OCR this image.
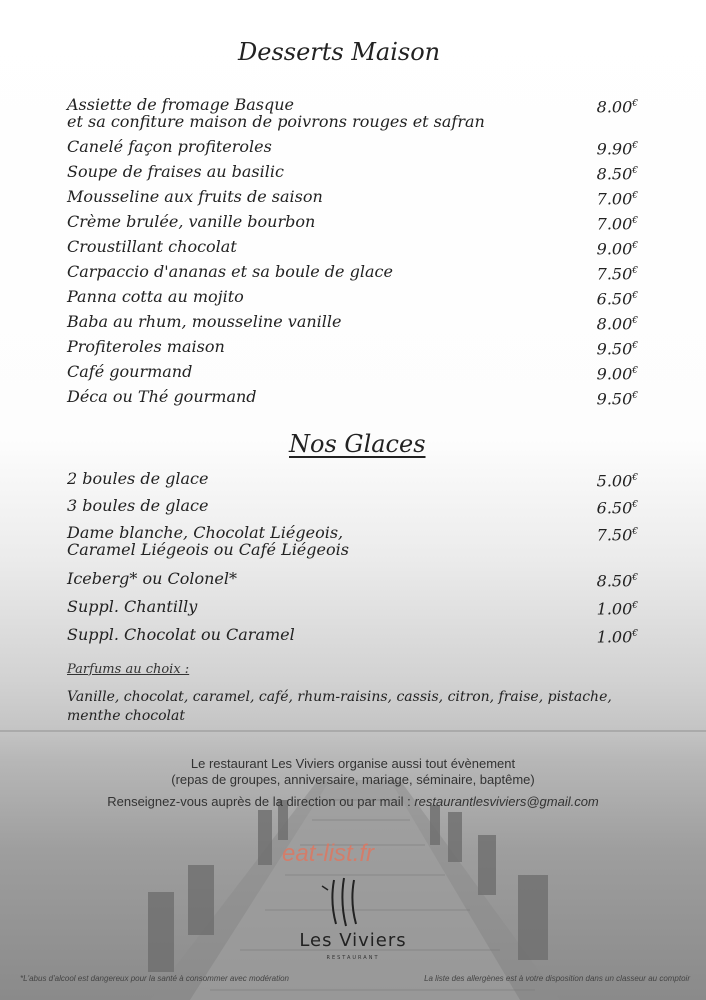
Desserts Maison
Assiette de fromage Basque
et sa confiture maison de poivrons rouges et safran
8.00€
Canelé façon profiteroles	9.90€
Soupe de fraises au basilic	8.50€
Mousseline aux fruits de saison	7.00€
Crème brulée, vanille bourbon	7.00€
Croustillant chocolat	9.00€
Carpaccio d'ananas et sa boule de glace	7.50€
Panna cotta au mojito	6.50€
Baba au rhum, mousseline vanille	8.00€
Profiteroles maison	9.50€
Café gourmand	9.00€
Déca ou Thé gourmand	9.50€
Nos Glaces
2 boules de glace	5.00€
3 boules de glace	6.50€
Dame blanche, Chocolat Liégeois,
Caramel Liégeois ou Café Liégeois
7.50€
Iceberg* ou Colonel*	8.50€
Suppl. Chantilly	1.00€
Suppl. Chocolat ou Caramel	1.00€
Parfums au choix :
Vanille, chocolat, caramel, café, rhum-raisins, cassis, citron, fraise, pistache, menthe chocolat
Le restaurant Les Viviers organise aussi tout évènement
(repas de groupes, anniversaire, mariage, séminaire, baptême)
Renseignez-vous auprès de la direction ou par mail : restaurantlesviviers@gmail.com
eat-list.fr
Les Viviers
RESTAURANT
*L'abus d'alcool est dangereux pour la santé à consommer avec modération	La liste des allergènes est à votre disposition dans un classeur au comptoir
